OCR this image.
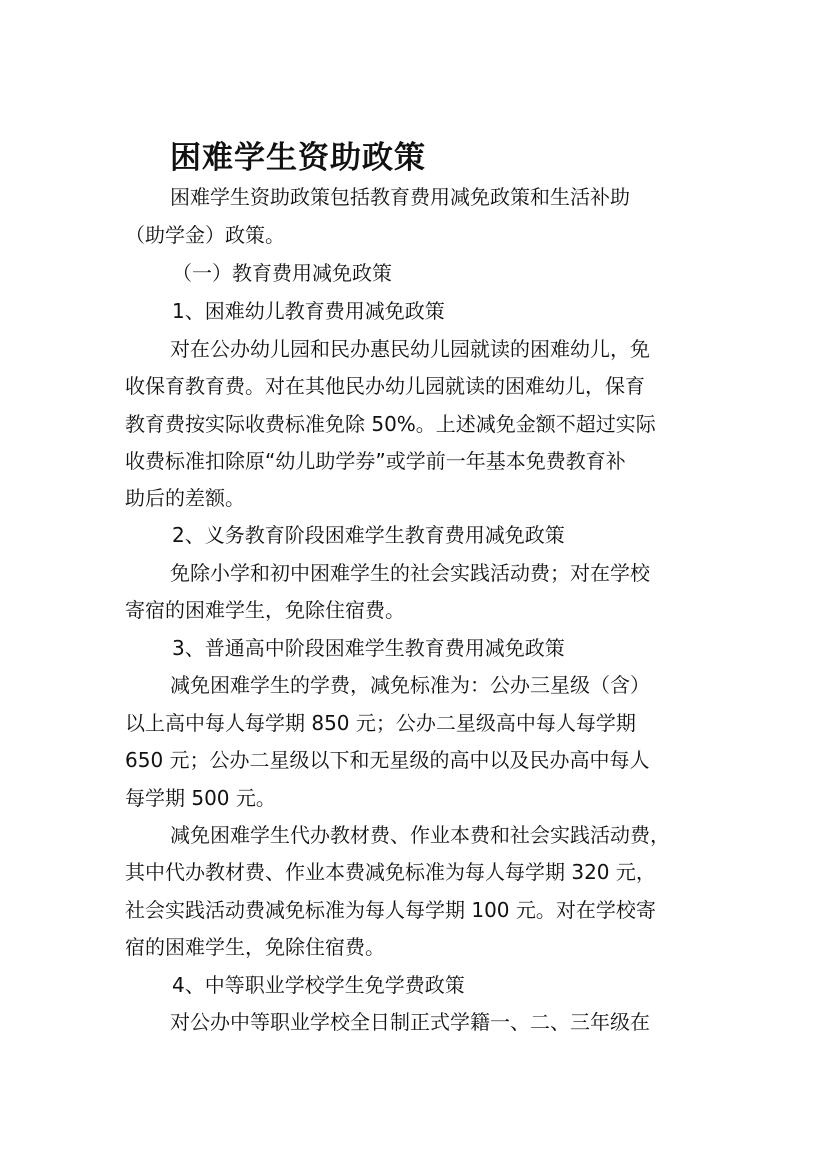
困难学生资助政策
困难学生资助政策包括教育费用减免政策和生活补助
（助学金）政策。
（一）教育费用减免政策
1、困难幼儿教育费用减免政策
对在公办幼儿园和民办惠民幼儿园就读的困难幼儿，免
收保育教育费。对在其他民办幼儿园就读的困难幼儿，保育
教育费按实际收费标准免除 50%。上述减免金额不超过实际
收费标准扣除原“幼儿助学券”或学前一年基本免费教育补
助后的差额。
2、义务教育阶段困难学生教育费用减免政策
免除小学和初中困难学生的社会实践活动费；对在学校
寄宿的困难学生，免除住宿费。
3、普通高中阶段困难学生教育费用减免政策
减免困难学生的学费，减免标准为：公办三星级（含）
以上高中每人每学期 850 元；公办二星级高中每人每学期
650 元；公办二星级以下和无星级的高中以及民办高中每人
每学期 500 元。
减免困难学生代办教材费、作业本费和社会实践活动费，
其中代办教材费、作业本费减免标准为每人每学期 320 元，
社会实践活动费减免标准为每人每学期 100 元。对在学校寄
宿的困难学生，免除住宿费。
4、中等职业学校学生免学费政策
对公办中等职业学校全日制正式学籍一、二、三年级在
